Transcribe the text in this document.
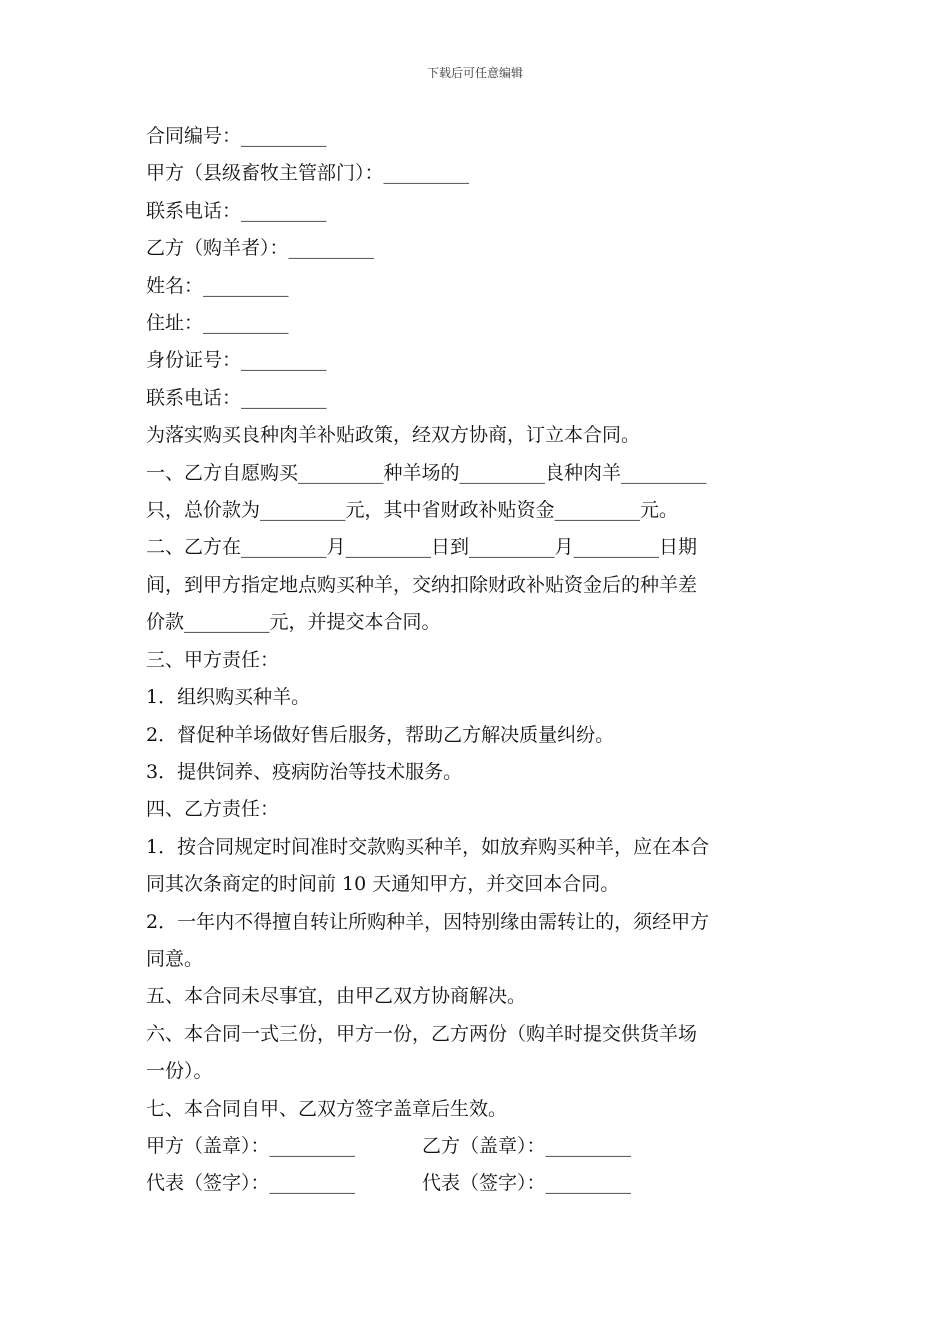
下载后可任意编辑
合同编号：_________
甲方（县级畜牧主管部门）：_________
联系电话：_________
乙方（购羊者）：_________
姓名：_________
住址：_________
身份证号：_________
联系电话：_________
为落实购买良种肉羊补贴政策，经双方协商，订立本合同。
一、乙方自愿购买_________种羊场的_________良种肉羊_________
只，总价款为_________元，其中省财政补贴资金_________元。
二、乙方在_________月_________日到_________月_________日期
间，到甲方指定地点购买种羊，交纳扣除财政补贴资金后的种羊差
价款_________元，并提交本合同。
三、甲方责任：
1．组织购买种羊。
2．督促种羊场做好售后服务，帮助乙方解决质量纠纷。
3．提供饲养、疫病防治等技术服务。
四、乙方责任：
1．按合同规定时间准时交款购买种羊，如放弃购买种羊，应在本合
同其次条商定的时间前 10 天通知甲方，并交回本合同。
2．一年内不得擅自转让所购种羊，因特别缘由需转让的，须经甲方
同意。
五、本合同未尽事宜，由甲乙双方协商解决。
六、本合同一式三份，甲方一份，乙方两份（购羊时提交供货羊场
一份）。
七、本合同自甲、乙双方签字盖章后生效。
甲方（盖章）：_________	乙方（盖章）：_________
代表（签字）：_________	代表（签字）：_________
